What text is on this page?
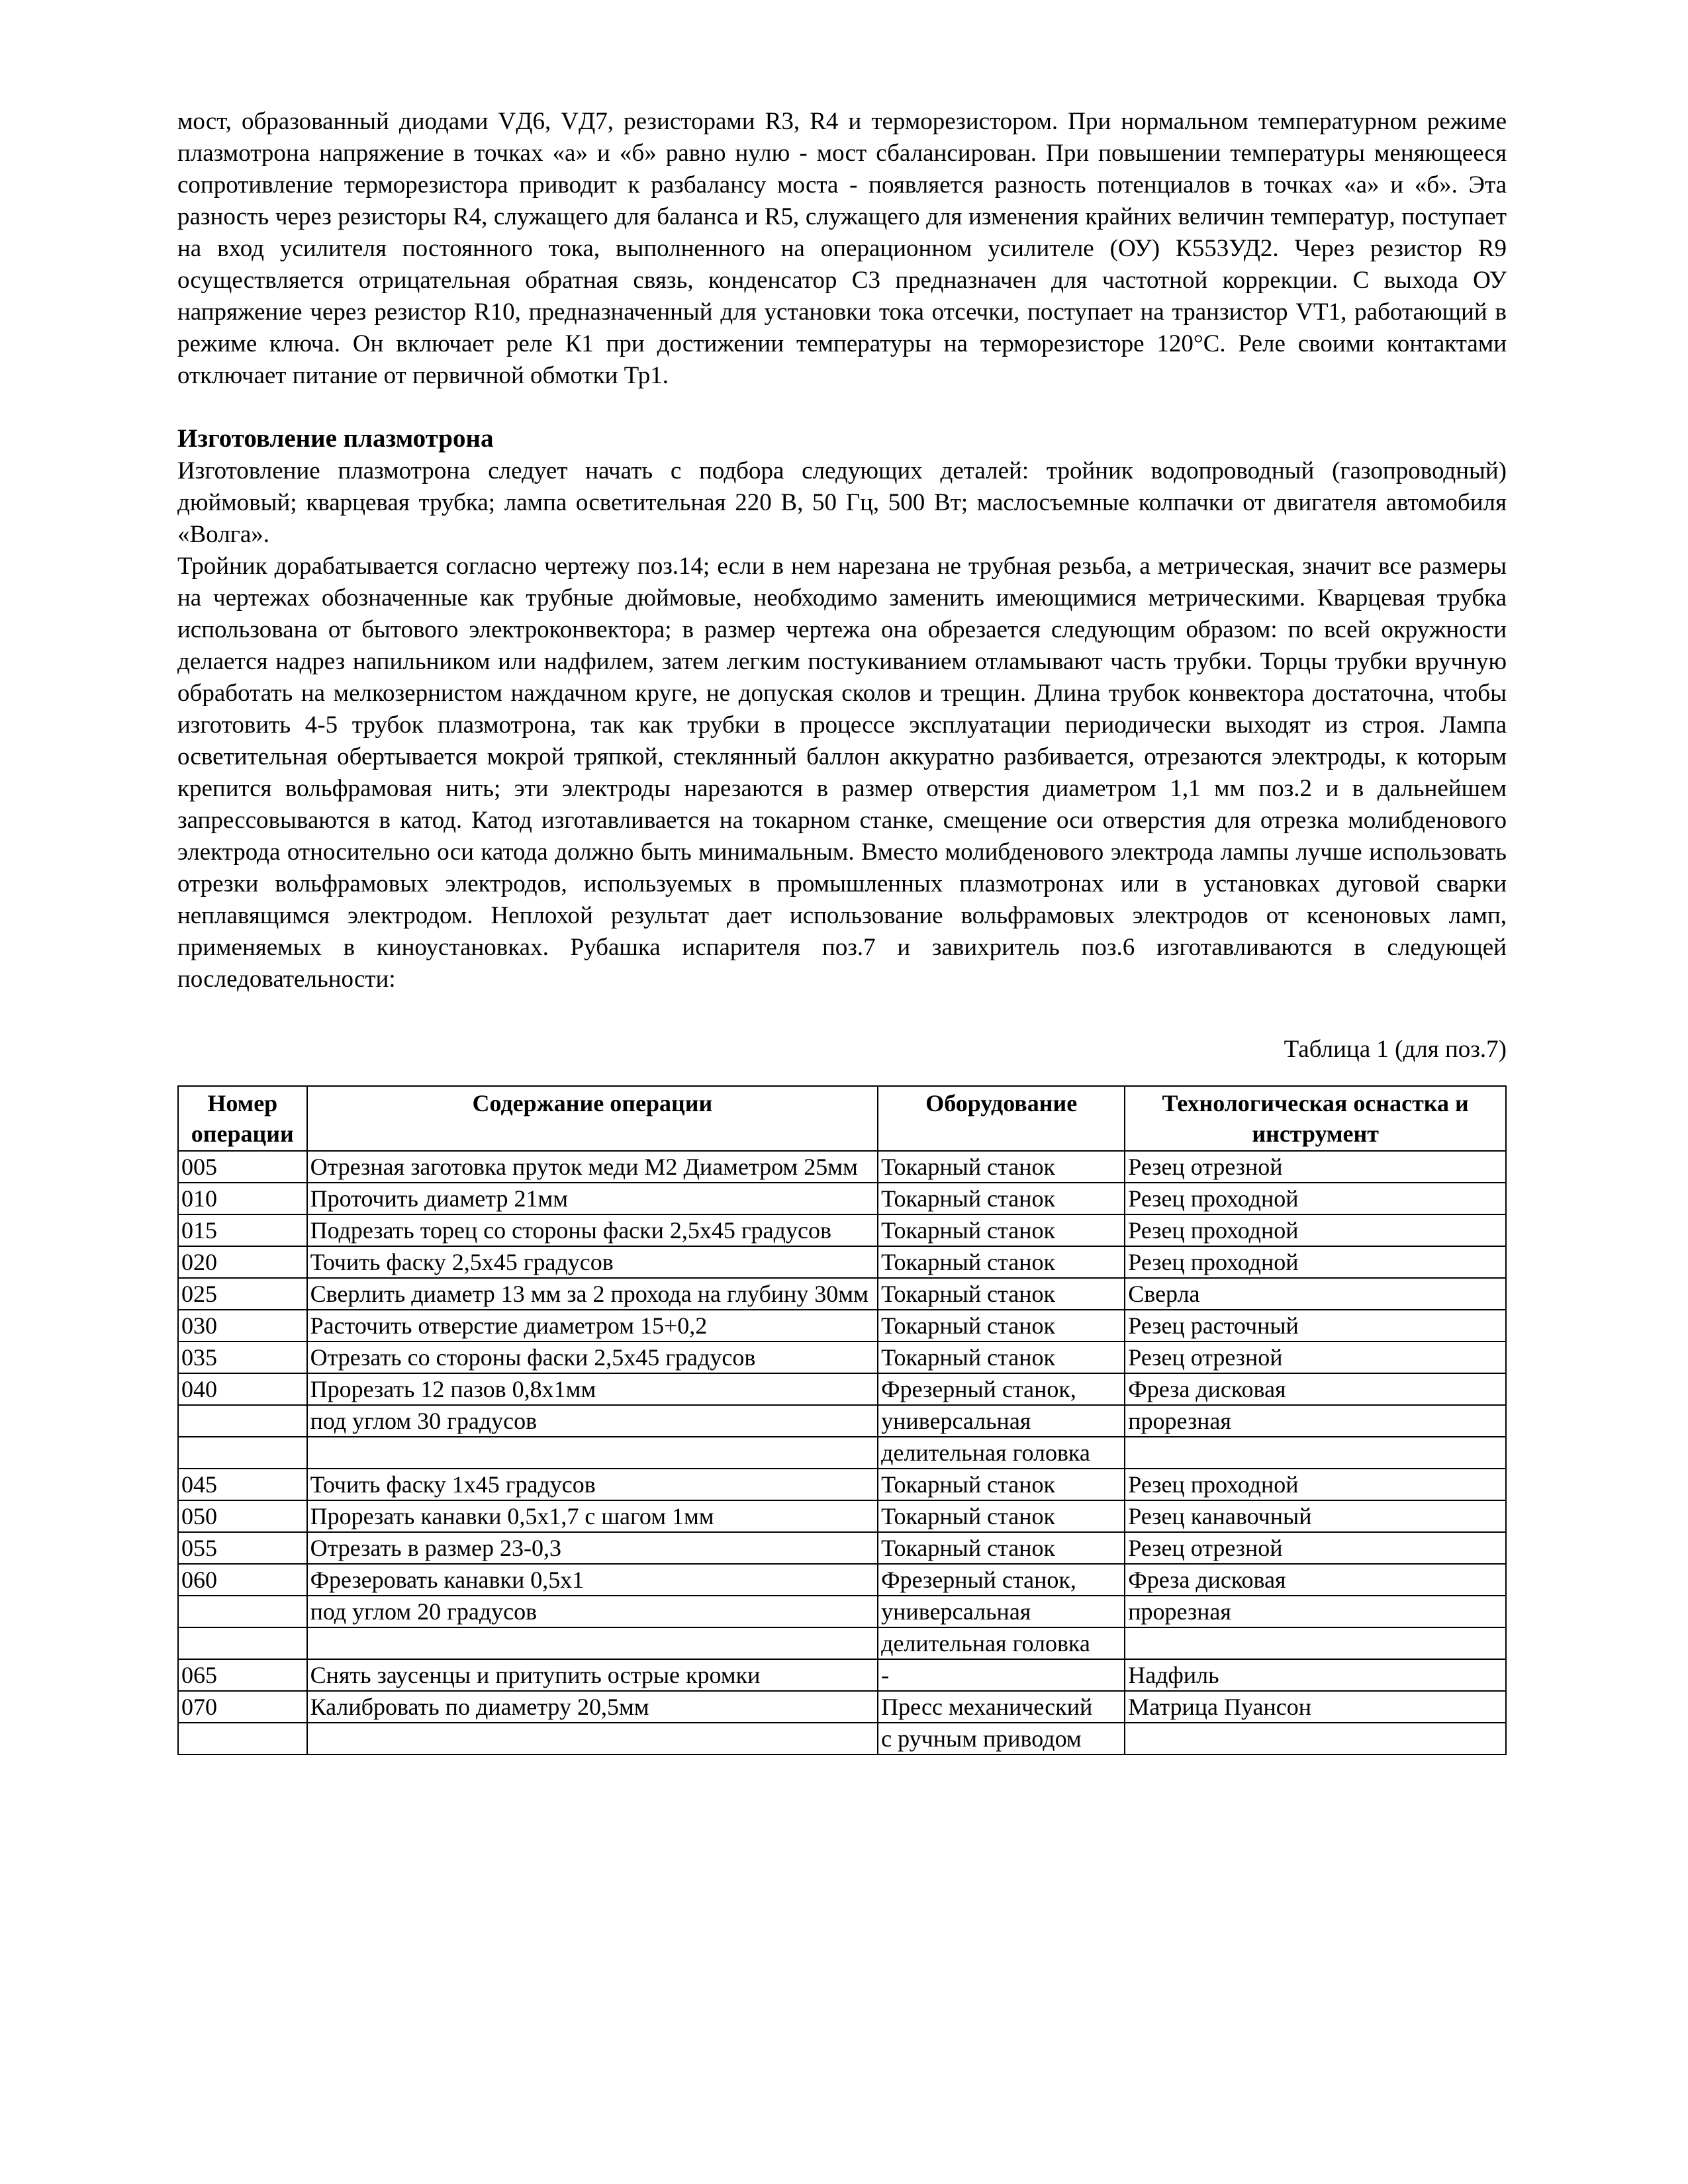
мост, образованный диодами VД6, VД7, резисторами R3, R4 и терморезистором. При нормальном температурном режиме плазмотрона напряжение в точках «а» и «б» равно нулю - мост сбалансирован. При повышении температуры меняющееся сопротивление терморезистора приводит к разбалансу моста - появляется разность потенциалов в точках «а» и «б». Эта разность через резисторы R4, служащего для баланса и R5, служащего для изменения крайних величин температур, поступает на вход усилителя постоянного тока, выполненного на операционном усилителе (ОУ) К553УД2. Через резистор R9 осуществляется отрицательная обратная связь, конденсатор С3 предназначен для частотной коррекции. С выхода ОУ напряжение через резистор R10, предназначенный для установки тока отсечки, поступает на транзистор VT1, работающий в режиме ключа. Он включает реле К1 при достижении температуры на терморезисторе 120°С. Реле своими контактами отключает питание от первичной обмотки Тр1.

Изготовление плазмотрона

Изготовление плазмотрона следует начать с подбора следующих деталей: тройник водопроводный (газопроводный) дюймовый; кварцевая трубка; лампа осветительная 220 В, 50 Гц, 500 Вт; маслосъемные колпачки от двигателя автомобиля «Волга».

Тройник дорабатывается согласно чертежу поз.14; если в нем нарезана не трубная резьба, а метрическая, значит все размеры на чертежах обозначенные как трубные дюймовые, необходимо заменить имеющимися метрическими. Кварцевая трубка использована от бытового электроконвектора; в размер чертежа она обрезается следующим образом: по всей окружности делается надрез напильником или надфилем, затем легким постукиванием отламывают часть трубки. Торцы трубки вручную обработать на мелкозернистом наждачном круге, не допуская сколов и трещин. Длина трубок конвектора достаточна, чтобы изготовить 4-5 трубок плазмотрона, так как трубки в процессе эксплуатации периодически выходят из строя. Лампа осветительная обертывается мокрой тряпкой, стеклянный баллон аккуратно разбивается, отрезаются электроды, к которым крепится вольфрамовая нить; эти электроды нарезаются в размер отверстия диаметром 1,1 мм поз.2 и в дальнейшем запрессовываются в катод. Катод изготавливается на токарном станке, смещение оси отверстия для отрезка молибденового электрода относительно оси катода должно быть минимальным. Вместо молибденового электрода лампы лучше использовать отрезки вольфрамовых электродов, используемых в промышленных плазмотронах или в установках дуговой сварки неплавящимся электродом. Неплохой результат дает использование вольфрамовых электродов от ксеноновых ламп, применяемых в киноустановках. Рубашка испарителя поз.7 и завихритель поз.6 изготавливаются в следующей последовательности:

Таблица 1 (для поз.7)
Номер операции	Содержание операции	Оборудование	Технологическая оснастка и инструмент
005	Отрезная заготовка пруток меди М2 Диаметром 25мм	Токарный станок	Резец отрезной
010	Проточить диаметр 21мм	Токарный станок	Резец проходной
015	Подрезать торец со стороны фаски 2,5х45 градусов	Токарный станок	Резец проходной
020	Точить фаску 2,5х45 градусов	Токарный станок	Резец проходной
025	Сверлить диаметр 13 мм за 2 прохода на глубину 30мм	Токарный станок	Сверла
030	Расточить отверстие диаметром 15+0,2	Токарный станок	Резец расточный
035	Отрезать со стороны фаски 2,5х45 градусов	Токарный станок	Резец отрезной
040	Прорезать 12 пазов 0,8х1мм	Фрезерный станок,	Фреза дисковая
	под углом 30 градусов	универсальная	прорезная
		делительная головка	
045	Точить фаску 1х45 градусов	Токарный станок	Резец проходной
050	Прорезать канавки 0,5х1,7 с шагом 1мм	Токарный станок	Резец канавочный
055	Отрезать в размер 23-0,3	Токарный станок	Резец отрезной
060	Фрезеровать канавки 0,5х1	Фрезерный станок,	Фреза дисковая
	под углом 20 градусов	универсальная	прорезная
		делительная головка	
065	Снять заусенцы и притупить острые кромки	-	Надфиль
070	Калибровать по диаметру 20,5мм	Пресс механический	Матрица Пуансон
		с ручным приводом	
